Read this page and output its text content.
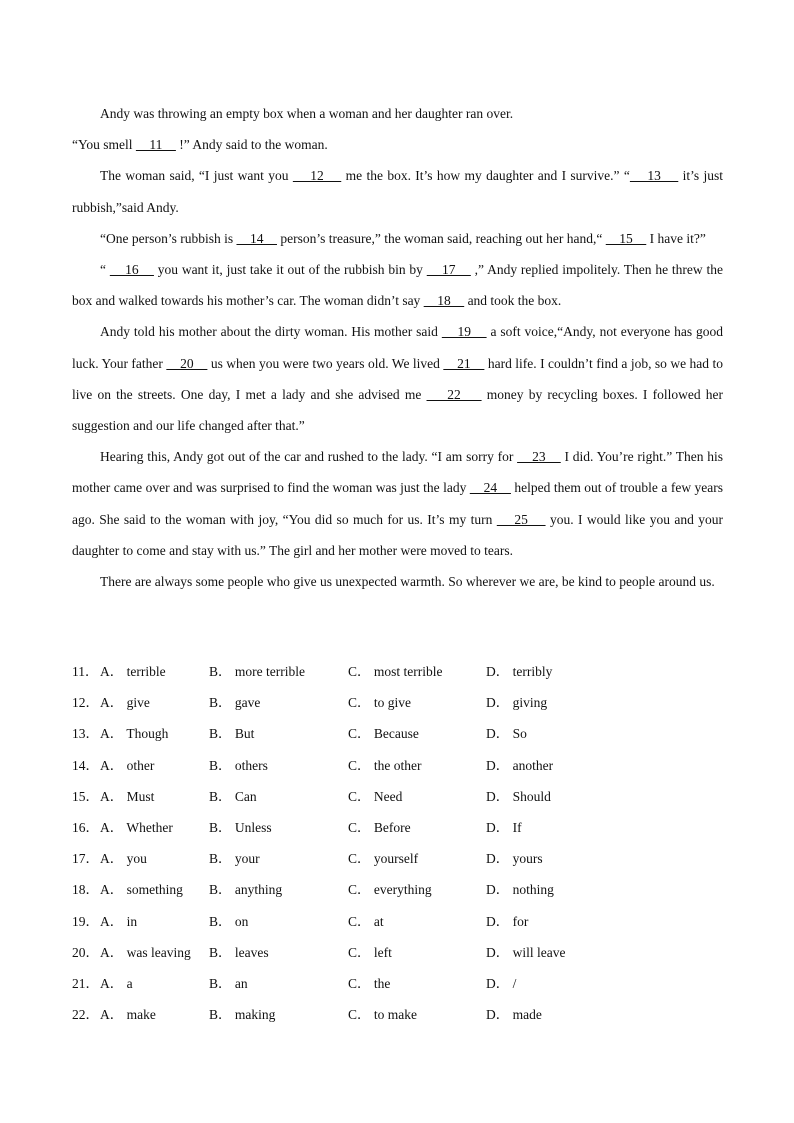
Andy was throwing an empty box when a woman and her daughter ran over.

“You smell     11     !” Andy said to the woman.

The woman said, “I just want you     12     me the box. It’s how my daughter and I survive.” “    13     it’s just rubbish,”said Andy.

“One person’s rubbish is     14     person’s treasure,” the woman said, reaching out her hand,“     15     I have it?”

“     16     you want it, just take it out of the rubbish bin by     17     ,” Andy replied impolitely. Then he threw the box and walked towards his mother’s car. The woman didn’t say     18     and took the box.

Andy told his mother about the dirty woman. His mother said     19     a soft voice,“Andy, not everyone has good luck. Your father     20     us when you were two years old. We lived     21     hard life. I couldn’t find a job, so we had to live on the streets. One day, I met a lady and she advised me     22     money by recycling boxes. I followed her suggestion and our life changed after that.”

Hearing this, Andy got out of the car and rushed to the lady. “I am sorry for     23     I did. You’re right.” Then his mother came over and was surprised to find the woman was just the lady     24     helped them out of trouble a few years ago. She said to the woman with joy, “You did so much for us. It’s my turn     25     you. I would like you and your daughter to come and stay with us.” The girl and her mother were moved to tears.

There are always some people who give us unexpected warmth. So wherever we are, be kind to people around us.

11． A． terrible	B． more terrible	C． most terrible	D． terribly
12． A． give	B． gave	C． to give	D． giving
13． A． Though	B． But	C． Because	D． So
14． A． other	B． others	C． the other	D． another
15． A． Must	B． Can	C． Need	D． Should
16． A． Whether	B． Unless	C． Before	D． If
17． A． you	B． your	C． yourself	D． yours
18． A． something B． anything	C． everything	D． nothing
19． A． in	B． on	C． at	D． for
20． A． was leaving B． leaves	C． left	D． will leave
21． A． a	B． an	C． the	D． /
22． A． make	B． making	C． to make	D． made
